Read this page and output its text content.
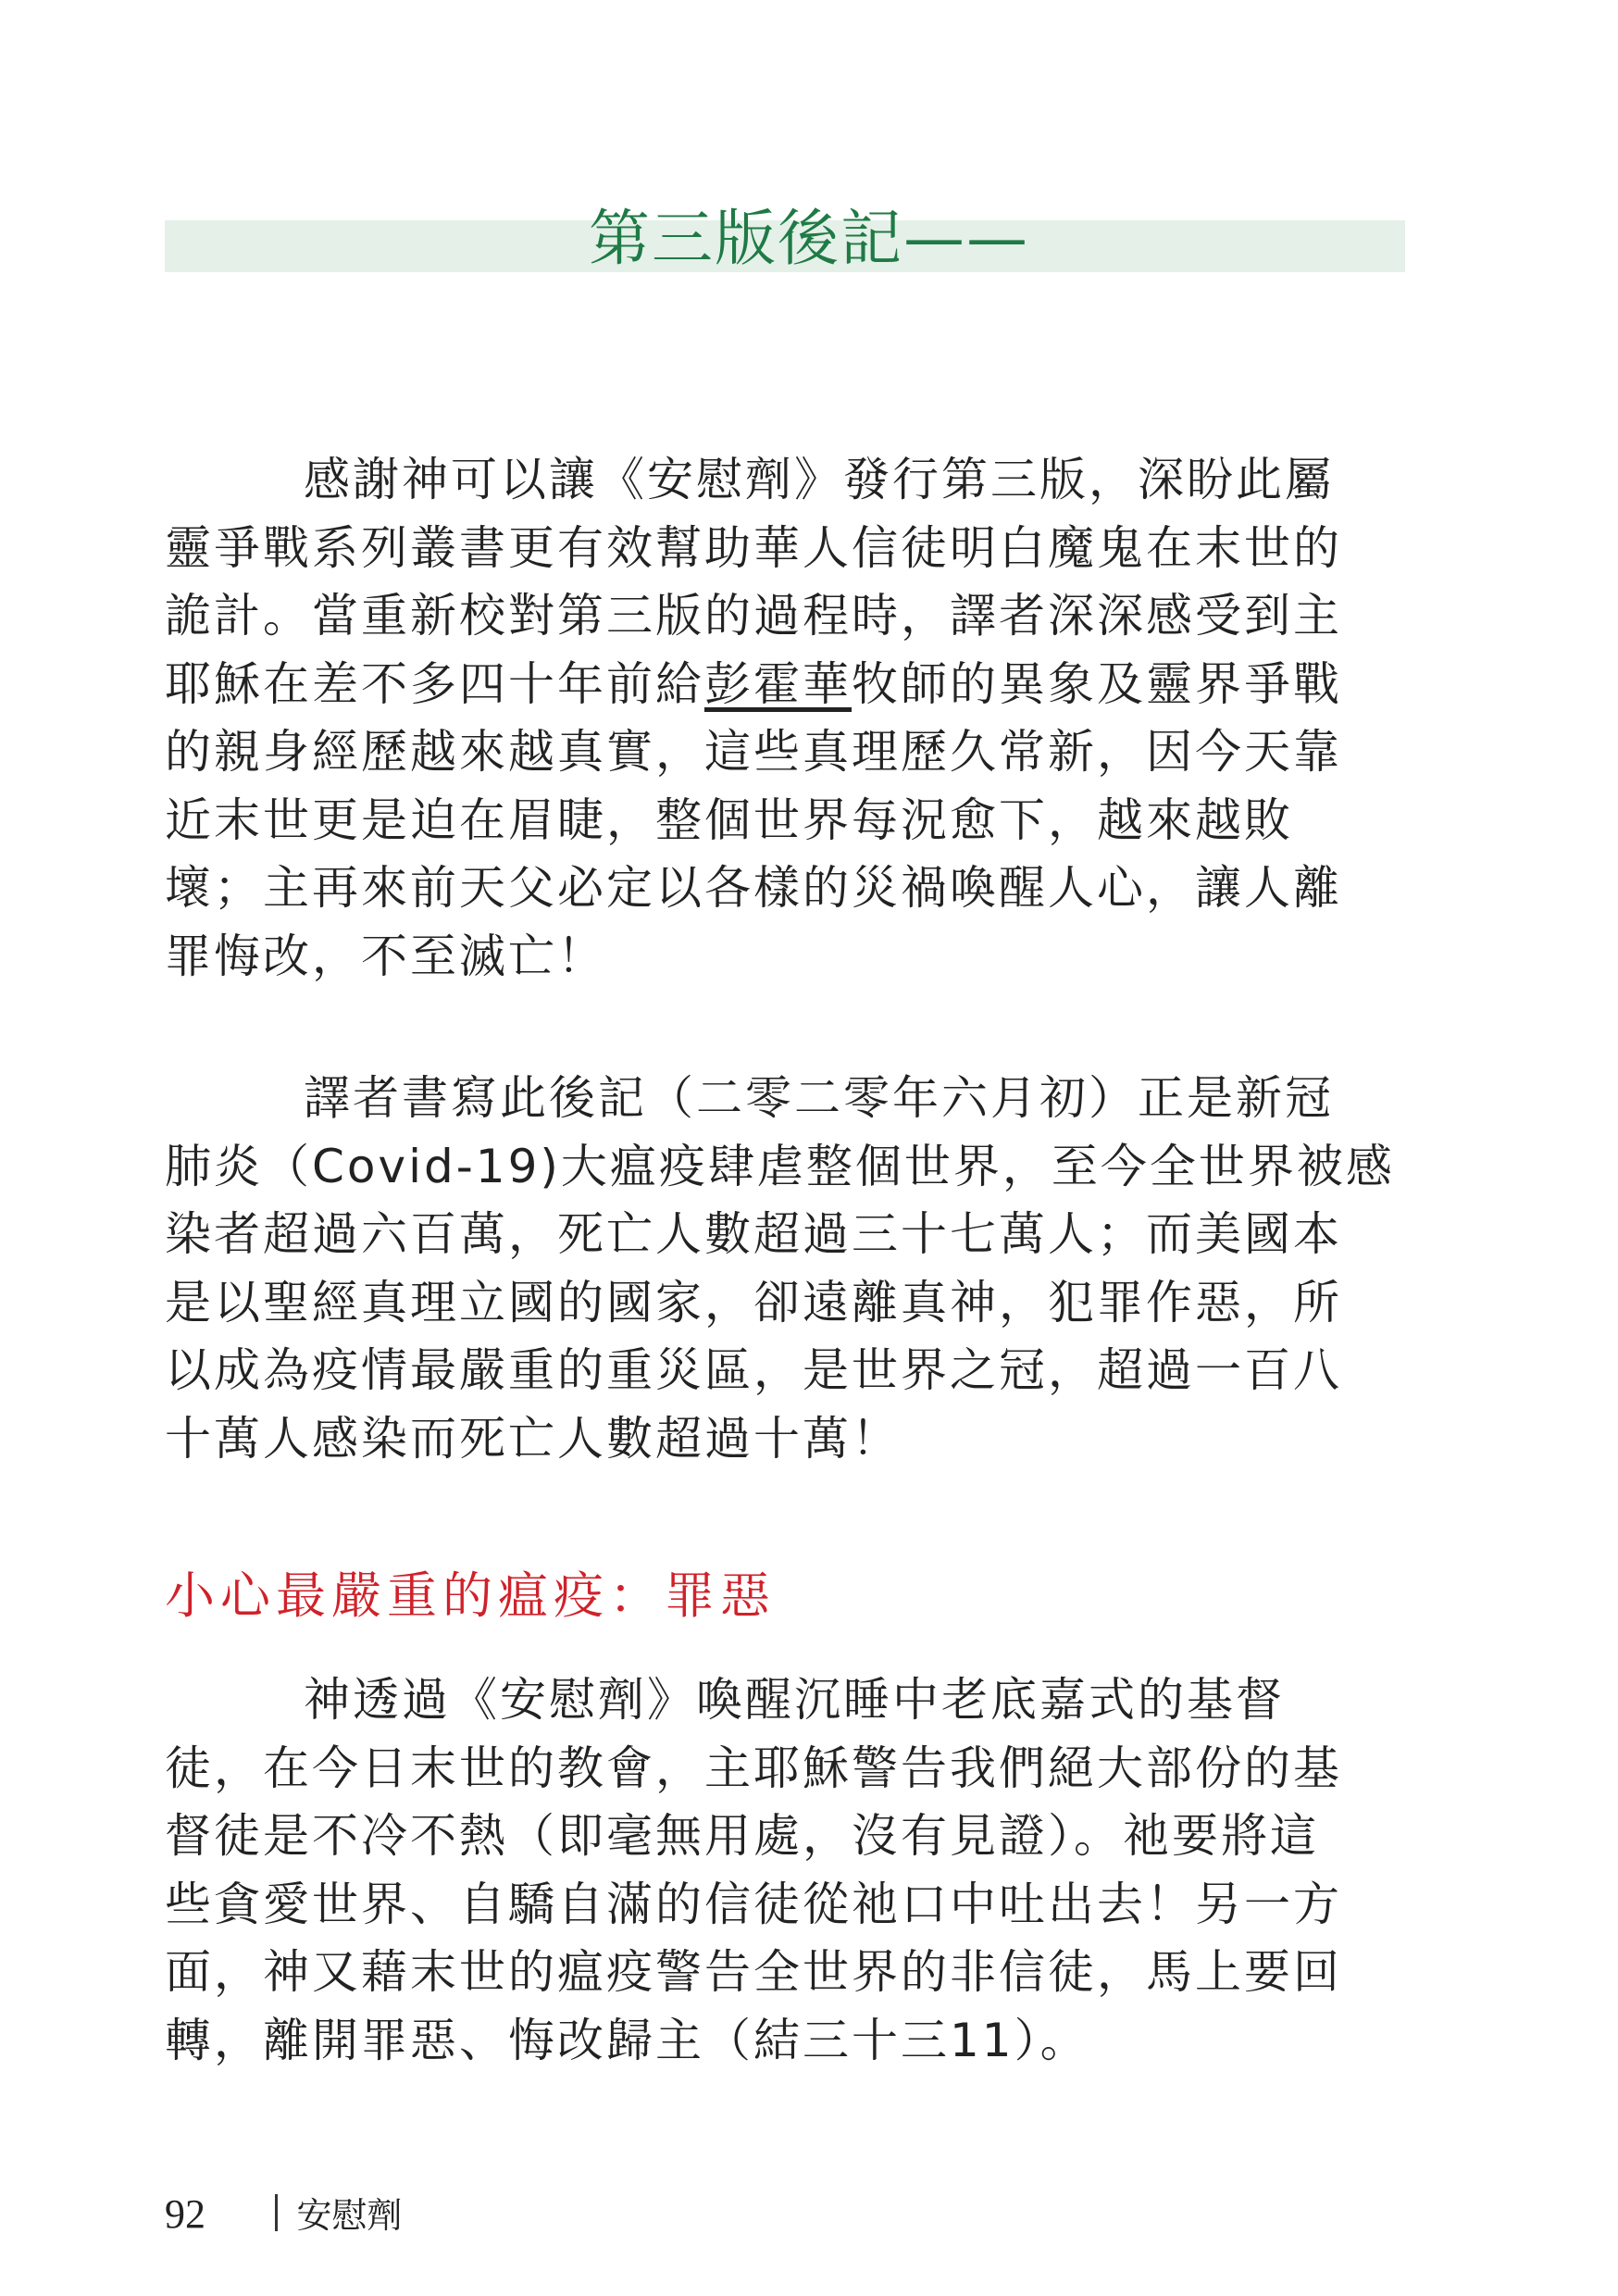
第三版後記——
感謝神可以讓《安慰劑》發行第三版，深盼此屬
靈爭戰系列叢書更有效幫助華人信徒明白魔鬼在末世的
詭計。當重新校對第三版的過程時，譯者深深感受到主
耶穌在差不多四十年前給彭霍華牧師的異象及靈界爭戰
的親身經歷越來越真實，這些真理歷久常新，因今天靠
近末世更是迫在眉睫，整個世界每況愈下，越來越敗
壞；主再來前天父必定以各樣的災禍喚醒人心，讓人離
罪悔改，不至滅亡！
譯者書寫此後記（二零二零年六月初）正是新冠
肺炎（Covid-19)大瘟疫肆虐整個世界，至今全世界被感
染者超過六百萬，死亡人數超過三十七萬人；而美國本
是以聖經真理立國的國家，卻遠離真神，犯罪作惡，所
以成為疫情最嚴重的重災區，是世界之冠，超過一百八
十萬人感染而死亡人數超過十萬！
小心最嚴重的瘟疫：罪惡
神透過《安慰劑》喚醒沉睡中老底嘉式的基督
徒，在今日末世的教會，主耶穌警告我們絕大部份的基
督徒是不冷不熱（即毫無用處，沒有見證）。祂要將這
些貪愛世界、自驕自滿的信徒從祂口中吐出去！另一方
面，神又藉末世的瘟疫警告全世界的非信徒，馬上要回
轉，離開罪惡、悔改歸主（結三十三11）。
92	安慰劑
